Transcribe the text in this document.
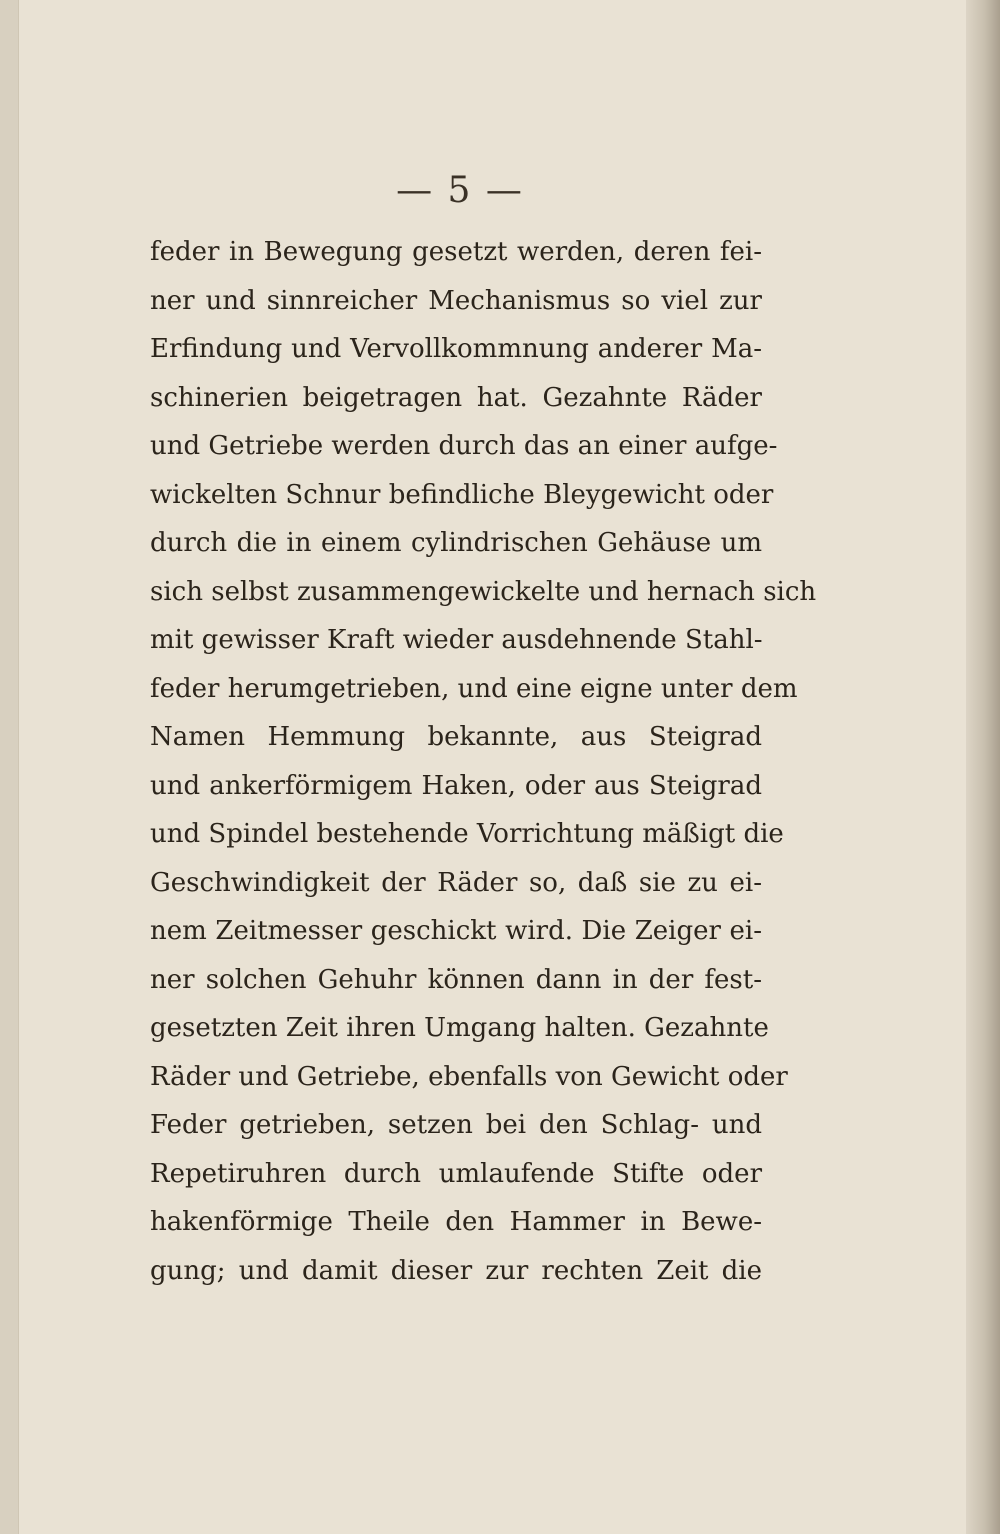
— 5 —
feder in Bewegung gesetzt werden, deren fei-
ner und sinnreicher Mechanismus so viel zur
Erfindung und Vervollkommnung anderer Ma-
schinerien beigetragen hat. Gezahnte Räder
und Getriebe werden durch das an einer aufge-
wickelten Schnur befindliche Bleygewicht oder
durch die in einem cylindrischen Gehäuse um
sich selbst zusammengewickelte und hernach sich
mit gewisser Kraft wieder ausdehnende Stahl-
feder herumgetrieben, und eine eigne unter dem
Namen Hemmung bekannte, aus Steigrad
und ankerförmigem Haken, oder aus Steigrad
und Spindel bestehende Vorrichtung mäßigt die
Geschwindigkeit der Räder so, daß sie zu ei-
nem Zeitmesser geschickt wird. Die Zeiger ei-
ner solchen Gehuhr können dann in der fest-
gesetzten Zeit ihren Umgang halten. Gezahnte
Räder und Getriebe, ebenfalls von Gewicht oder
Feder getrieben, setzen bei den Schlag- und
Repetiruhren durch umlaufende Stifte oder
hakenförmige Theile den Hammer in Bewe-
gung; und damit dieser zur rechten Zeit die
